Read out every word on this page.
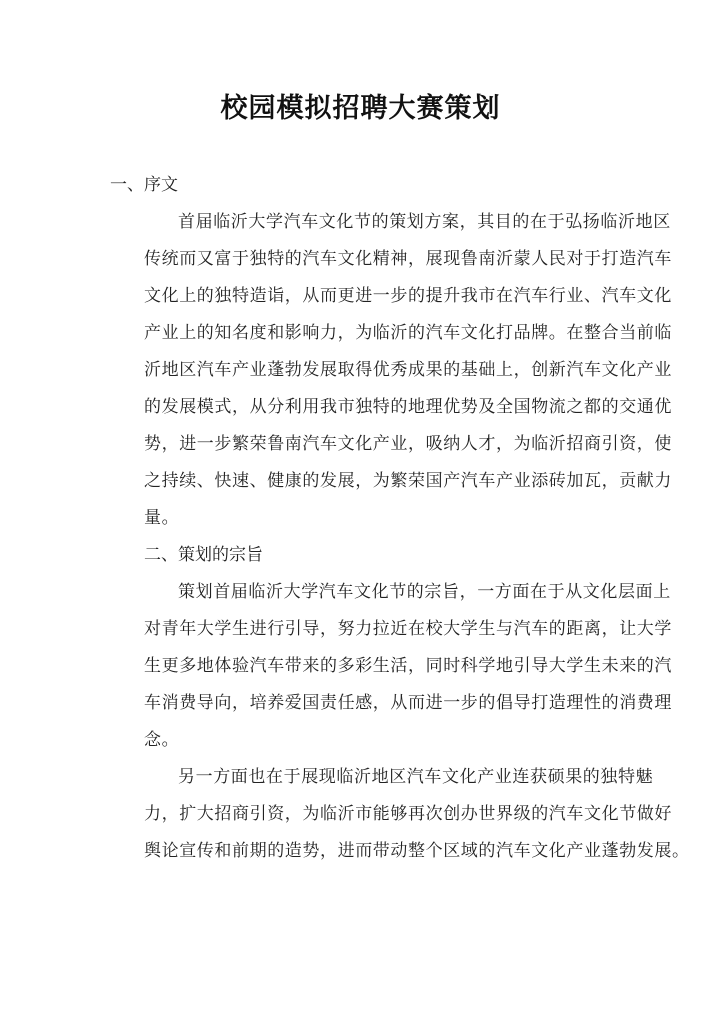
校园模拟招聘大赛策划
一、序文
首届临沂大学汽车文化节的策划方案，其目的在于弘扬临沂地区
传统而又富于独特的汽车文化精神，展现鲁南沂蒙人民对于打造汽车
文化上的独特造诣，从而更进一步的提升我市在汽车行业、汽车文化
产业上的知名度和影响力，为临沂的汽车文化打品牌。在整合当前临
沂地区汽车产业蓬勃发展取得优秀成果的基础上，创新汽车文化产业
的发展模式，从分利用我市独特的地理优势及全国物流之都的交通优
势，进一步繁荣鲁南汽车文化产业，吸纳人才，为临沂招商引资，使
之持续、快速、健康的发展，为繁荣国产汽车产业添砖加瓦，贡献力
量。
二、策划的宗旨
策划首届临沂大学汽车文化节的宗旨，一方面在于从文化层面上
对青年大学生进行引导，努力拉近在校大学生与汽车的距离，让大学
生更多地体验汽车带来的多彩生活，同时科学地引导大学生未来的汽
车消费导向，培养爱国责任感，从而进一步的倡导打造理性的消费理
念。
另一方面也在于展现临沂地区汽车文化产业连获硕果的独特魅
力，扩大招商引资，为临沂市能够再次创办世界级的汽车文化节做好
舆论宣传和前期的造势，进而带动整个区域的汽车文化产业蓬勃发展。
